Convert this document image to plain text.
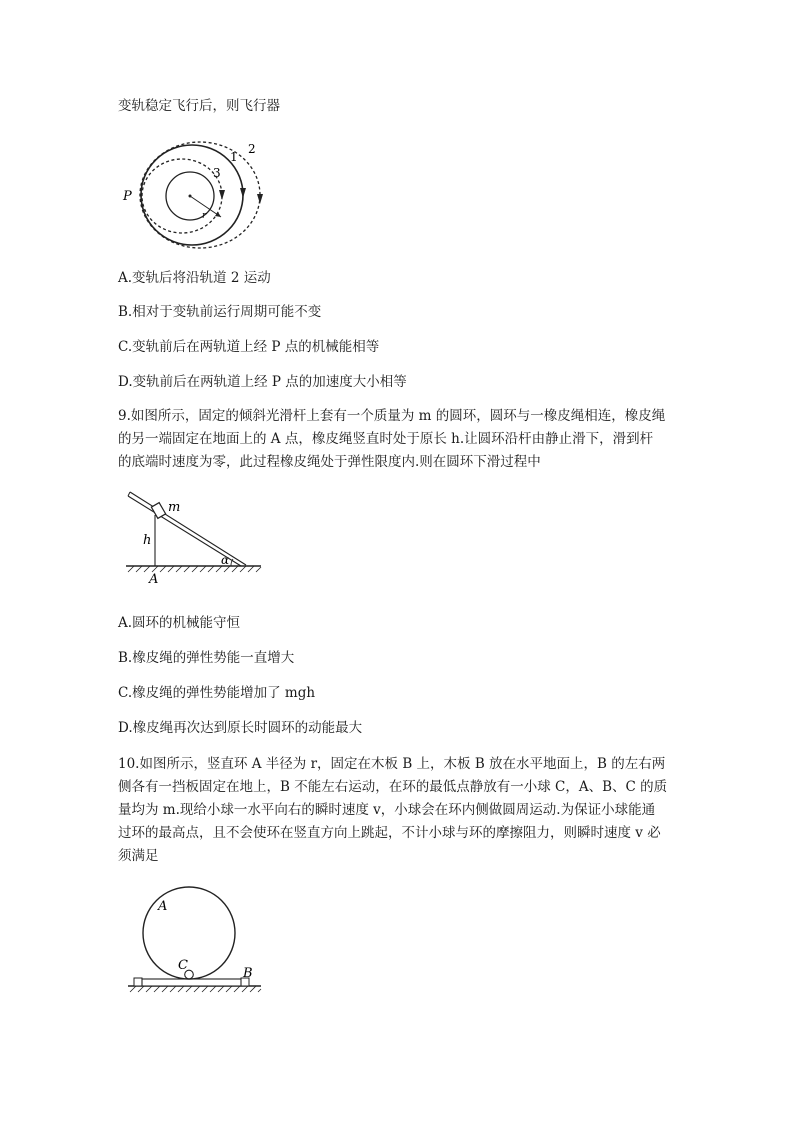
变轨稳定飞行后，则飞行器
P
1
2
3
r
A.变轨后将沿轨道 2 运动
B.相对于变轨前运行周期可能不变
C.变轨前后在两轨道上经 P 点的机械能相等
D.变轨前后在两轨道上经 P 点的加速度大小相等
9.如图所示，固定的倾斜光滑杆上套有一个质量为 m 的圆环，圆环与一橡皮绳相连，橡皮绳
的另一端固定在地面上的 A 点，橡皮绳竖直时处于原长 h.让圆环沿杆由静止滑下，滑到杆
的底端时速度为零，此过程橡皮绳处于弹性限度内.则在圆环下滑过程中
m
h
A
α
A.圆环的机械能守恒
B.橡皮绳的弹性势能一直增大
C.橡皮绳的弹性势能增加了 mgh
D.橡皮绳再次达到原长时圆环的动能最大
10.如图所示，竖直环 A 半径为 r，固定在木板 B 上，木板 B 放在水平地面上，B 的左右两
侧各有一挡板固定在地上，B 不能左右运动，在环的最低点静放有一小球 C，A、B、C 的质
量均为 m.现给小球一水平向右的瞬时速度 v，小球会在环内侧做圆周运动.为保证小球能通
过环的最高点，且不会使环在竖直方向上跳起，不计小球与环的摩擦阻力，则瞬时速度 v 必
须满足
A
C
B
